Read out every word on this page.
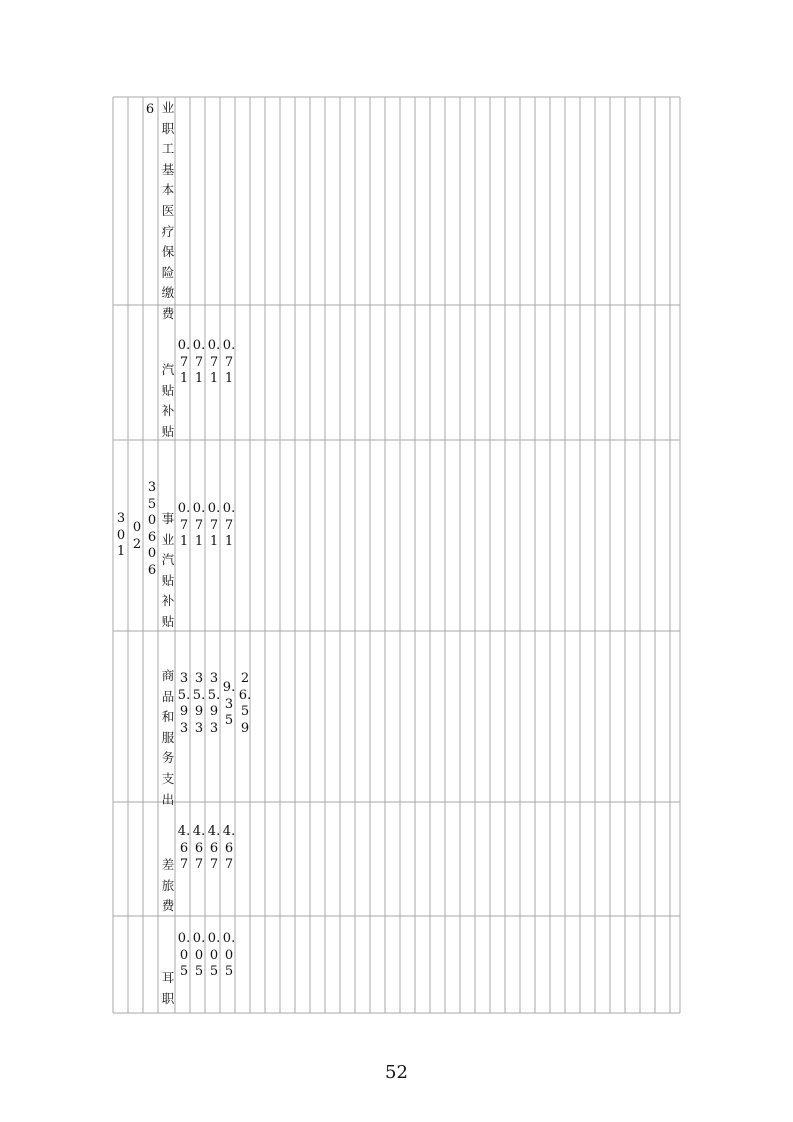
6 业职工基本医疗保险缴费
汽贴补贴
0.71
0.71
0.71
0.71
301
02
350606
事业汽贴补贴
0.71
0.71
0.71
0.71
商品和服务支出
35.93
35.93
35.93
9.35
26.59
差旅费
4.67
4.67
4.67
4.67
耳职
0.05
0.05
0.05
0.05
52
